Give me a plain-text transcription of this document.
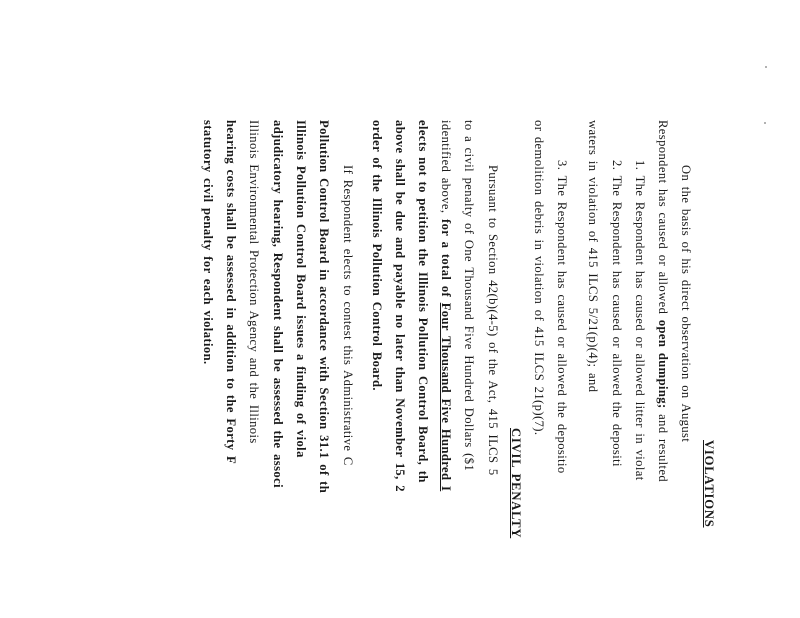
VIOLATIONS
On the basis of his direct observation on August
Respondent has caused or allowed open dumping; and resulted
1. The Respondent has caused or allowed litter in violat
2. The Respondent has caused or allowed the depositi
waters in violation of 415 ILCS 5/21(p)(4); and
3. The Respondent has caused or allowed the depositio
or demolition debris in violation of 415 ILCS 21(p)(7).
CIVIL PENALTY
Pursuant to Section 42(b)(4-5) of the Act, 415 ILCS 5
to a civil penalty of One Thousand Five Hundred Dollars ($1
identified above, for a total of Four Thousand Five Hundred I
elects not to petition the Illinois Pollution Control Board, th
above shall be due and payable no later than November 15, 2
order of the Illinois Pollution Control Board.
If Respondent elects to contest this Administrative C
Pollution Control Board in accordance with Section 31.1 of th
Illinois Pollution Control Board issues a finding of viola
adjudicatory hearing, Respondent shall be assessed the associ
Illinois Environmental Protection Agency and the Illinois
hearing costs shall be assessed in addition to the Forty F
statutory civil penalty for each violation.
